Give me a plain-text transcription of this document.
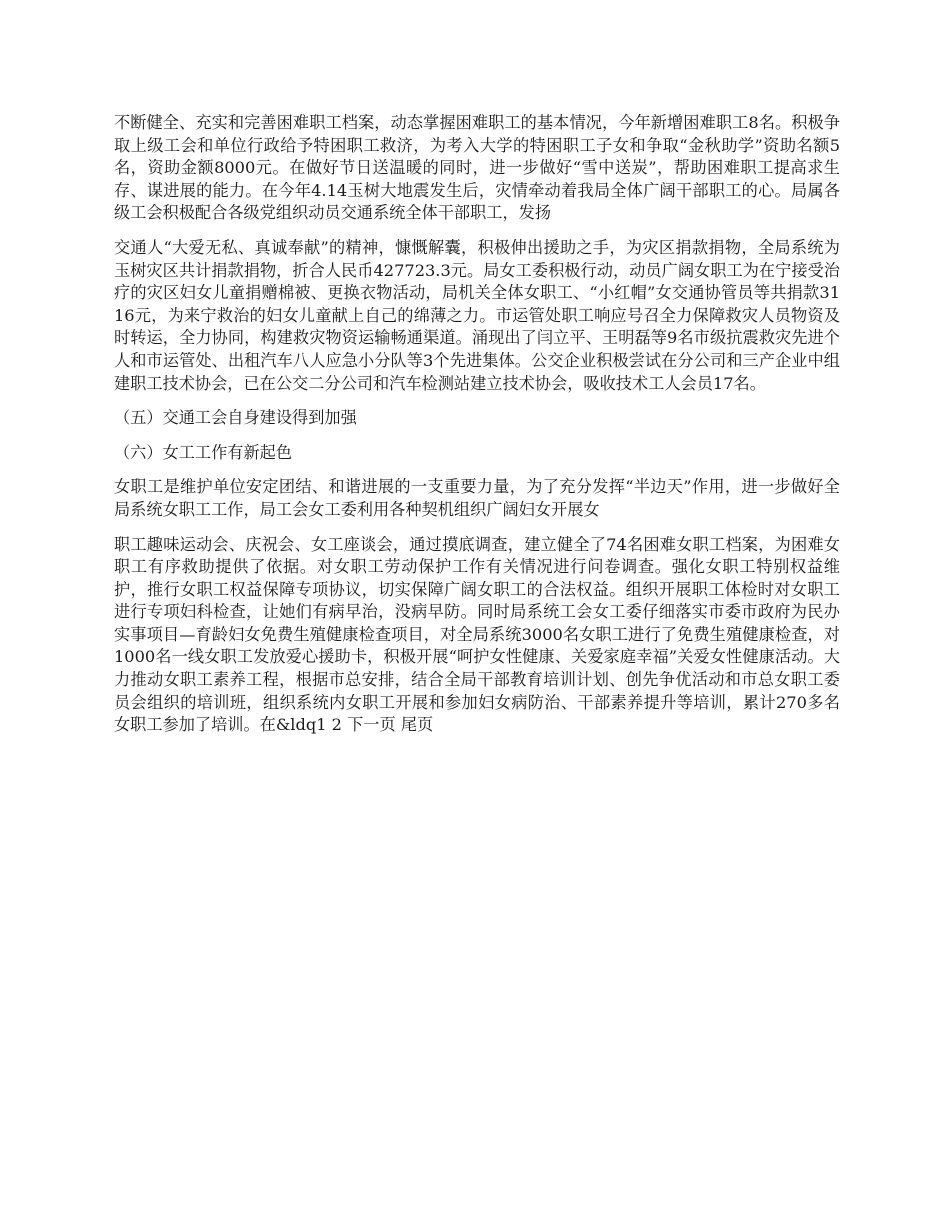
不断健全、充实和完善困难职工档案，动态掌握困难职工的基本情况，今年新增困难职工8名。积极争取上级工会和单位行政给予特困职工救济，为考入大学的特困职工子女和争取“金秋助学”资助名额5名，资助金额8000元。在做好节日送温暖的同时，进一步做好“雪中送炭”，帮助困难职工提高求生存、谋进展的能力。在今年4.14玉树大地震发生后，灾情牵动着我局全体广阔干部职工的心。局属各级工会积极配合各级党组织动员交通系统全体干部职工，发扬

交通人“大爱无私、真诚奉献”的精神，慷慨解囊，积极伸出援助之手，为灾区捐款捐物，全局系统为玉树灾区共计捐款捐物，折合人民币427723.3元。局女工委积极行动，动员广阔女职工为在宁接受治疗的灾区妇女儿童捐赠棉被、更换衣物活动，局机关全体女职工、“小红帽”女交通协管员等共捐款3116元，为来宁救治的妇女儿童献上自己的绵薄之力。市运管处职工响应号召全力保障救灾人员物资及时转运，全力协同，构建救灾物资运输畅通渠道。涌现出了闫立平、王明磊等9名市级抗震救灾先进个人和市运管处、出租汽车八人应急小分队等3个先进集体。公交企业积极尝试在分公司和三产企业中组建职工技术协会，已在公交二分公司和汽车检测站建立技术协会，吸收技术工人会员17名。

（五）交通工会自身建设得到加强

（六）女工工作有新起色

女职工是维护单位安定团结、和谐进展的一支重要力量，为了充分发挥“半边天”作用，进一步做好全局系统女职工工作，局工会女工委利用各种契机组织广阔妇女开展女

职工趣味运动会、庆祝会、女工座谈会，通过摸底调查，建立健全了74名困难女职工档案，为困难女职工有序救助提供了依据。对女职工劳动保护工作有关情况进行问卷调查。强化女职工特别权益维护，推行女职工权益保障专项协议，切实保障广阔女职工的合法权益。组织开展职工体检时对女职工进行专项妇科检查，让她们有病早治，没病早防。同时局系统工会女工委仔细落实市委市政府为民办实事项目—育龄妇女免费生殖健康检查项目，对全局系统3000名女职工进行了免费生殖健康检查，对1000名一线女职工发放爱心援助卡，积极开展“呵护女性健康、关爱家庭幸福”关爱女性健康活动。大力推动女职工素养工程，根据市总安排，结合全局干部教育培训计划、创先争优活动和市总女职工委员会组织的培训班，组织系统内女职工开展和参加妇女病防治、干部素养提升等培训，累计270多名女职工参加了培训。在&ldq1 2 下一页 尾页
